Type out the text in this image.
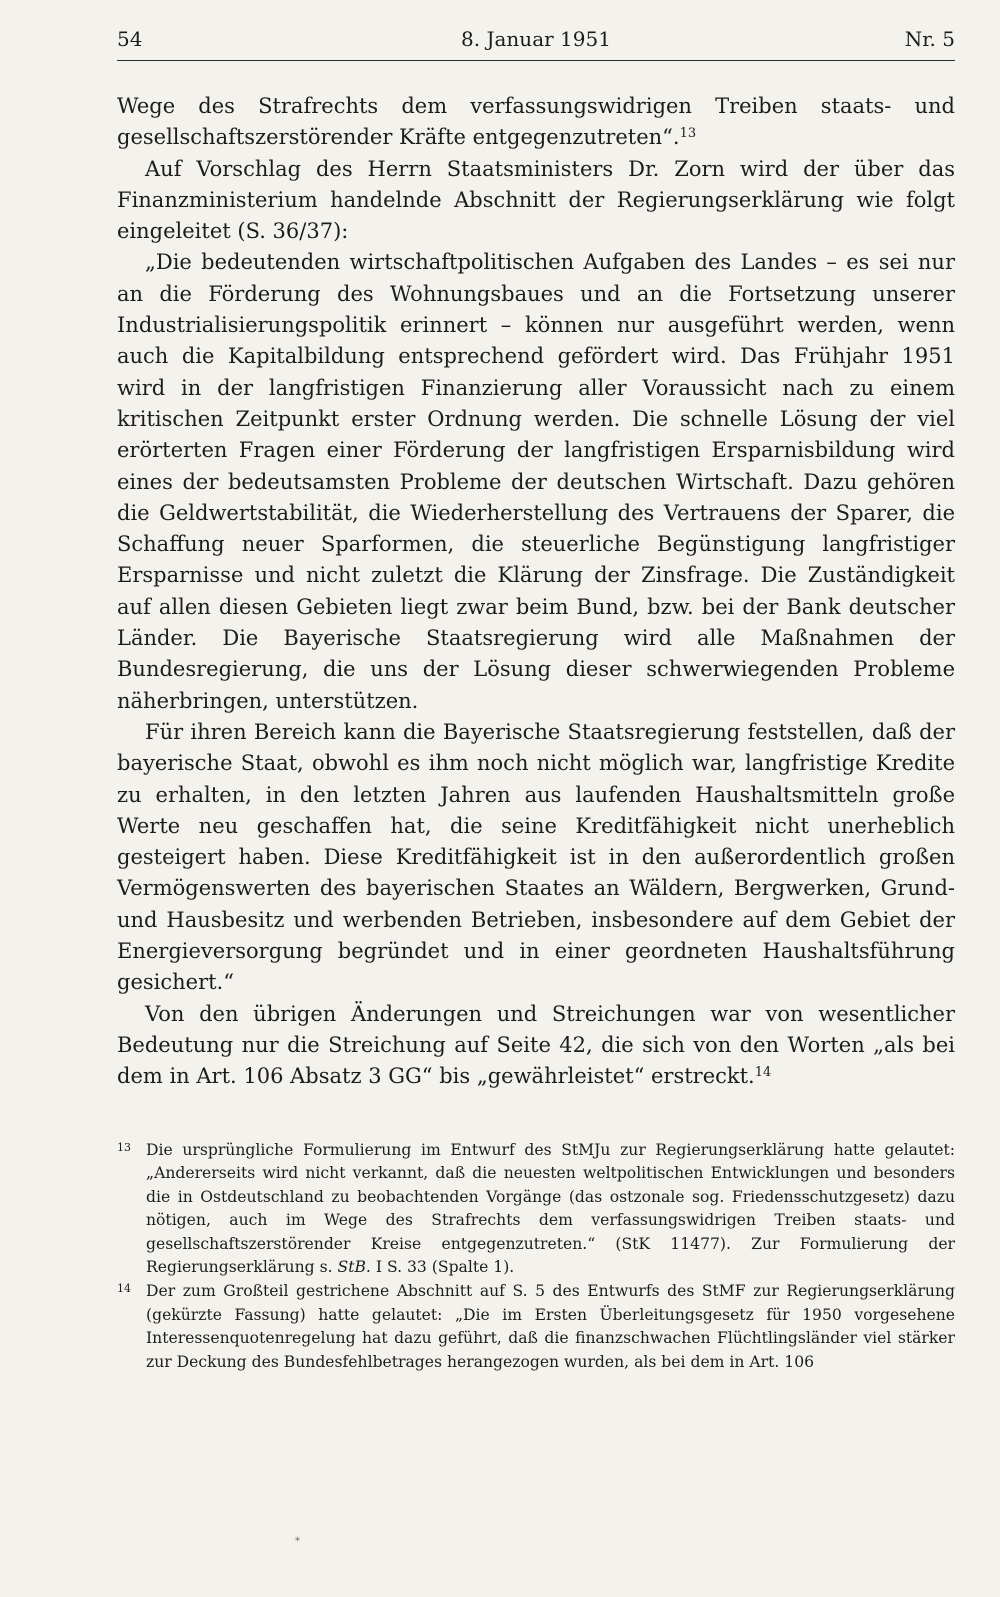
54	8. Januar 1951	Nr. 5

Wege des Strafrechts dem verfassungswidrigen Treiben staats- und gesellschaftszerstörender Kräfte entgegenzutreten“.$^{13}$

Auf Vorschlag des Herrn Staatsministers Dr. Zorn wird der über das Finanzministerium handelnde Abschnitt der Regierungserklärung wie folgt eingeleitet (S. 36/37):

„Die bedeutenden wirtschaftpolitischen Aufgaben des Landes – es sei nur an die Förderung des Wohnungsbaues und an die Fortsetzung unserer Industrialisierungspolitik erinnert – können nur ausgeführt werden, wenn auch die Kapitalbildung entsprechend gefördert wird. Das Frühjahr 1951 wird in der langfristigen Finanzierung aller Voraussicht nach zu einem kritischen Zeitpunkt erster Ordnung werden. Die schnelle Lösung der viel erörterten Fragen einer Förderung der langfristigen Ersparnisbildung wird eines der bedeutsamsten Probleme der deutschen Wirtschaft. Dazu gehören die Geldwertstabilität, die Wiederherstellung des Vertrauens der Sparer, die Schaffung neuer Sparformen, die steuerliche Begünstigung langfristiger Ersparnisse und nicht zuletzt die Klärung der Zinsfrage. Die Zuständigkeit auf allen diesen Gebieten liegt zwar beim Bund, bzw. bei der Bank deutscher Länder. Die Bayerische Staatsregierung wird alle Maßnahmen der Bundesregierung, die uns der Lösung dieser schwerwiegenden Probleme näherbringen, unterstützen.

Für ihren Bereich kann die Bayerische Staatsregierung feststellen, daß der bayerische Staat, obwohl es ihm noch nicht möglich war, langfristige Kredite zu erhalten, in den letzten Jahren aus laufenden Haushaltsmitteln große Werte neu geschaffen hat, die seine Kreditfähigkeit nicht unerheblich gesteigert haben. Diese Kreditfähigkeit ist in den außerordentlich großen Vermögenswerten des bayerischen Staates an Wäldern, Bergwerken, Grund- und Hausbesitz und werbenden Betrieben, insbesondere auf dem Gebiet der Energieversorgung begründet und in einer geordneten Haushaltsführung gesichert.“

Von den übrigen Änderungen und Streichungen war von wesentlicher Bedeutung nur die Streichung auf Seite 42, die sich von den Worten „als bei dem in Art. 106 Absatz 3 GG“ bis „gewährleistet“ erstreckt.$^{14}$

13 Die ursprüngliche Formulierung im Entwurf des StMJu zur Regierungserklärung hatte gelautet: „Andererseits wird nicht verkannt, daß die neuesten weltpolitischen Entwicklungen und besonders die in Ostdeutschland zu beobachtenden Vorgänge (das ostzonale sog. Friedensschutzgesetz) dazu nötigen, auch im Wege des Strafrechts dem verfassungswidrigen Treiben staats- und gesellschaftszerstörender Kreise entgegenzutreten.“ (StK 11477). Zur Formulierung der Regierungserklärung s. StB. I S. 33 (Spalte 1).
14 Der zum Großteil gestrichene Abschnitt auf S. 5 des Entwurfs des StMF zur Regierungserklärung (gekürzte Fassung) hatte gelautet: „Die im Ersten Überleitungsgesetz für 1950 vorgesehene Interessenquotenregelung hat dazu geführt, daß die finanzschwachen Flüchtlingsländer viel stärker zur Deckung des Bundesfehlbetrages herangezogen wurden, als bei dem in Art. 106
*
